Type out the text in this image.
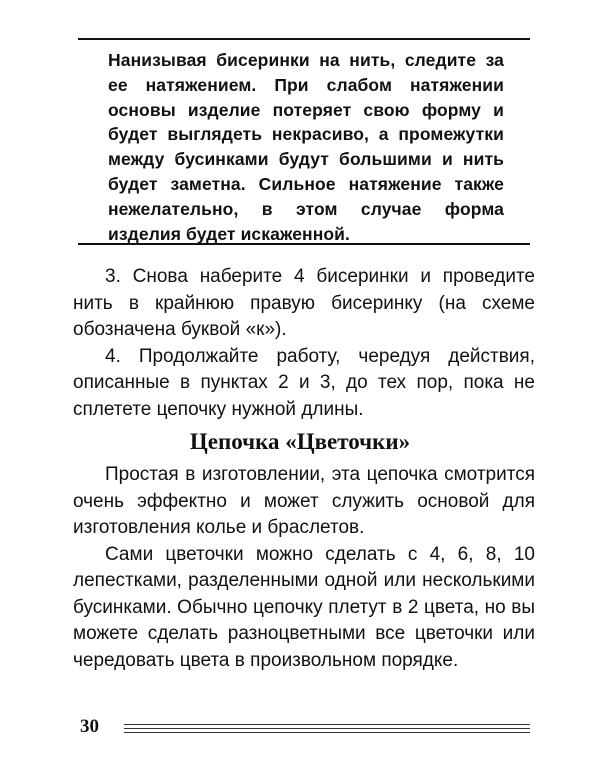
Нанизывая бисеринки на нить, следите за ее натяжением. При слабом натяжении основы изделие потеряет свою форму и будет выглядеть некрасиво, а промежутки между бусинками будут большими и нить будет заметна. Сильное натяжение также нежелательно, в этом случае форма изделия будет искаженной.

3. Снова наберите 4 бисеринки и проведите нить в крайнюю правую бисеринку (на схеме обозначена буквой «к»).

4. Продолжайте работу, чередуя действия, описанные в пунктах 2 и 3, до тех пор, пока не сплетете цепочку нужной длины.

Цепочка «Цветочки»

Простая в изготовлении, эта цепочка смотрится очень эффектно и может служить основой для изготовления колье и браслетов.

Сами цветочки можно сделать с 4, 6, 8, 10 лепестками, разделенными одной или несколькими бусинками. Обычно цепочку плетут в 2 цвета, но вы можете сделать разноцветными все цветочки или чередовать цвета в произвольном порядке.

30
